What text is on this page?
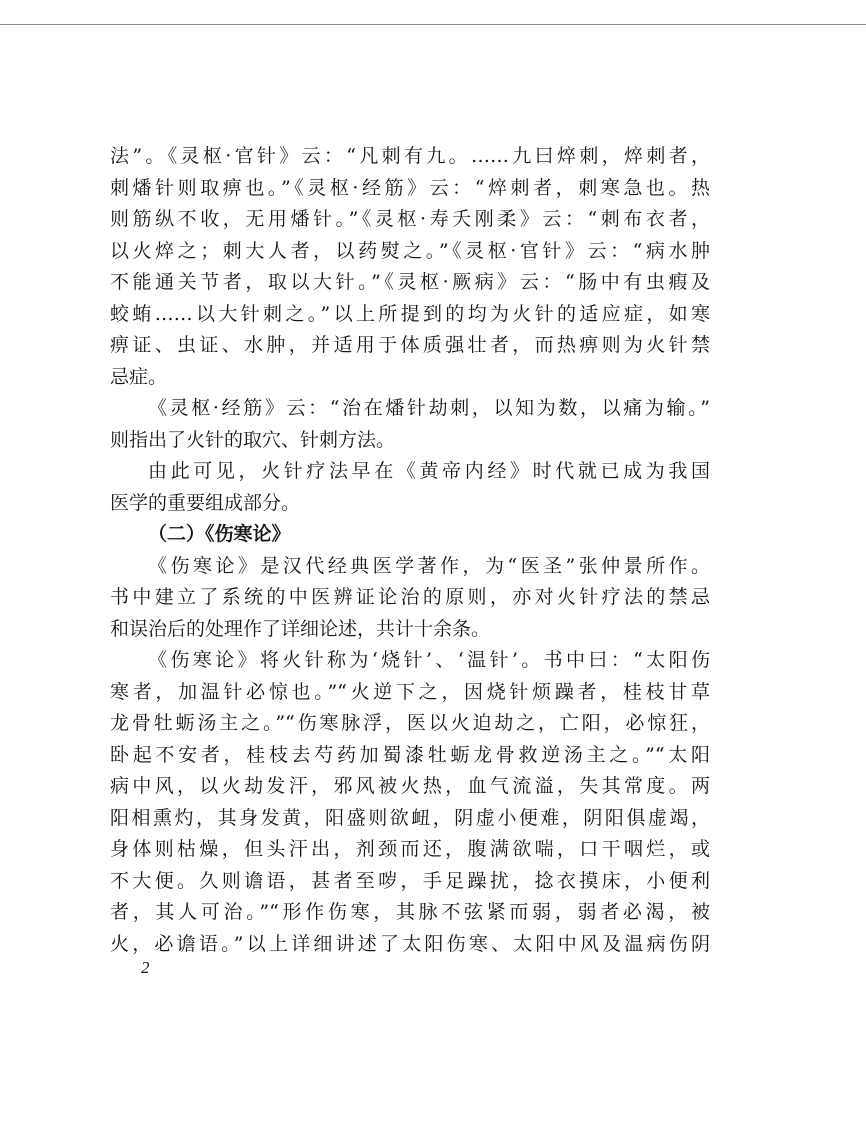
法”。《灵枢·官针》云：“凡刺有九。……九曰焠刺，焠刺者，
刺燔针则取痹也。”《灵枢·经筋》云：“焠刺者，刺寒急也。热
则筋纵不收，无用燔针。”《灵枢·寿夭刚柔》云：“刺布衣者，
以火焠之；刺大人者，以药熨之。”《灵枢·官针》云：“病水肿
不能通关节者，取以大针。”《灵枢·厥病》云：“肠中有虫瘕及
蛟蛕……以大针刺之。”以上所提到的均为火针的适应症，如寒
痹证、虫证、水肿，并适用于体质强壮者，而热痹则为火针禁
忌症。
《灵枢·经筋》云：“治在燔针劫刺，以知为数，以痛为输。”
则指出了火针的取穴、针刺方法。
由此可见，火针疗法早在《黄帝内经》时代就已成为我国
医学的重要组成部分。
（二）《伤寒论》
《伤寒论》是汉代经典医学著作，为“医圣”张仲景所作。
书中建立了系统的中医辨证论治的原则，亦对火针疗法的禁忌
和误治后的处理作了详细论述，共计十余条。
《伤寒论》将火针称为‘烧针’、‘温针’。书中曰：“太阳伤
寒者，加温针必惊也。”“火逆下之，因烧针烦躁者，桂枝甘草
龙骨牡蛎汤主之。”“伤寒脉浮，医以火迫劫之，亡阳，必惊狂，
卧起不安者，桂枝去芍药加蜀漆牡蛎龙骨救逆汤主之。”“太阳
病中风，以火劫发汗，邪风被火热，血气流溢，失其常度。两
阳相熏灼，其身发黄，阳盛则欲衄，阴虚小便难，阴阳俱虚竭，
身体则枯燥，但头汗出，剂颈而还，腹满欲喘，口干咽烂，或
不大便。久则谵语，甚者至哕，手足躁扰，捻衣摸床，小便利
者，其人可治。”“形作伤寒，其脉不弦紧而弱，弱者必渴，被
火，必谵语。”以上详细讲述了太阳伤寒、太阳中风及温病伤阴
2
